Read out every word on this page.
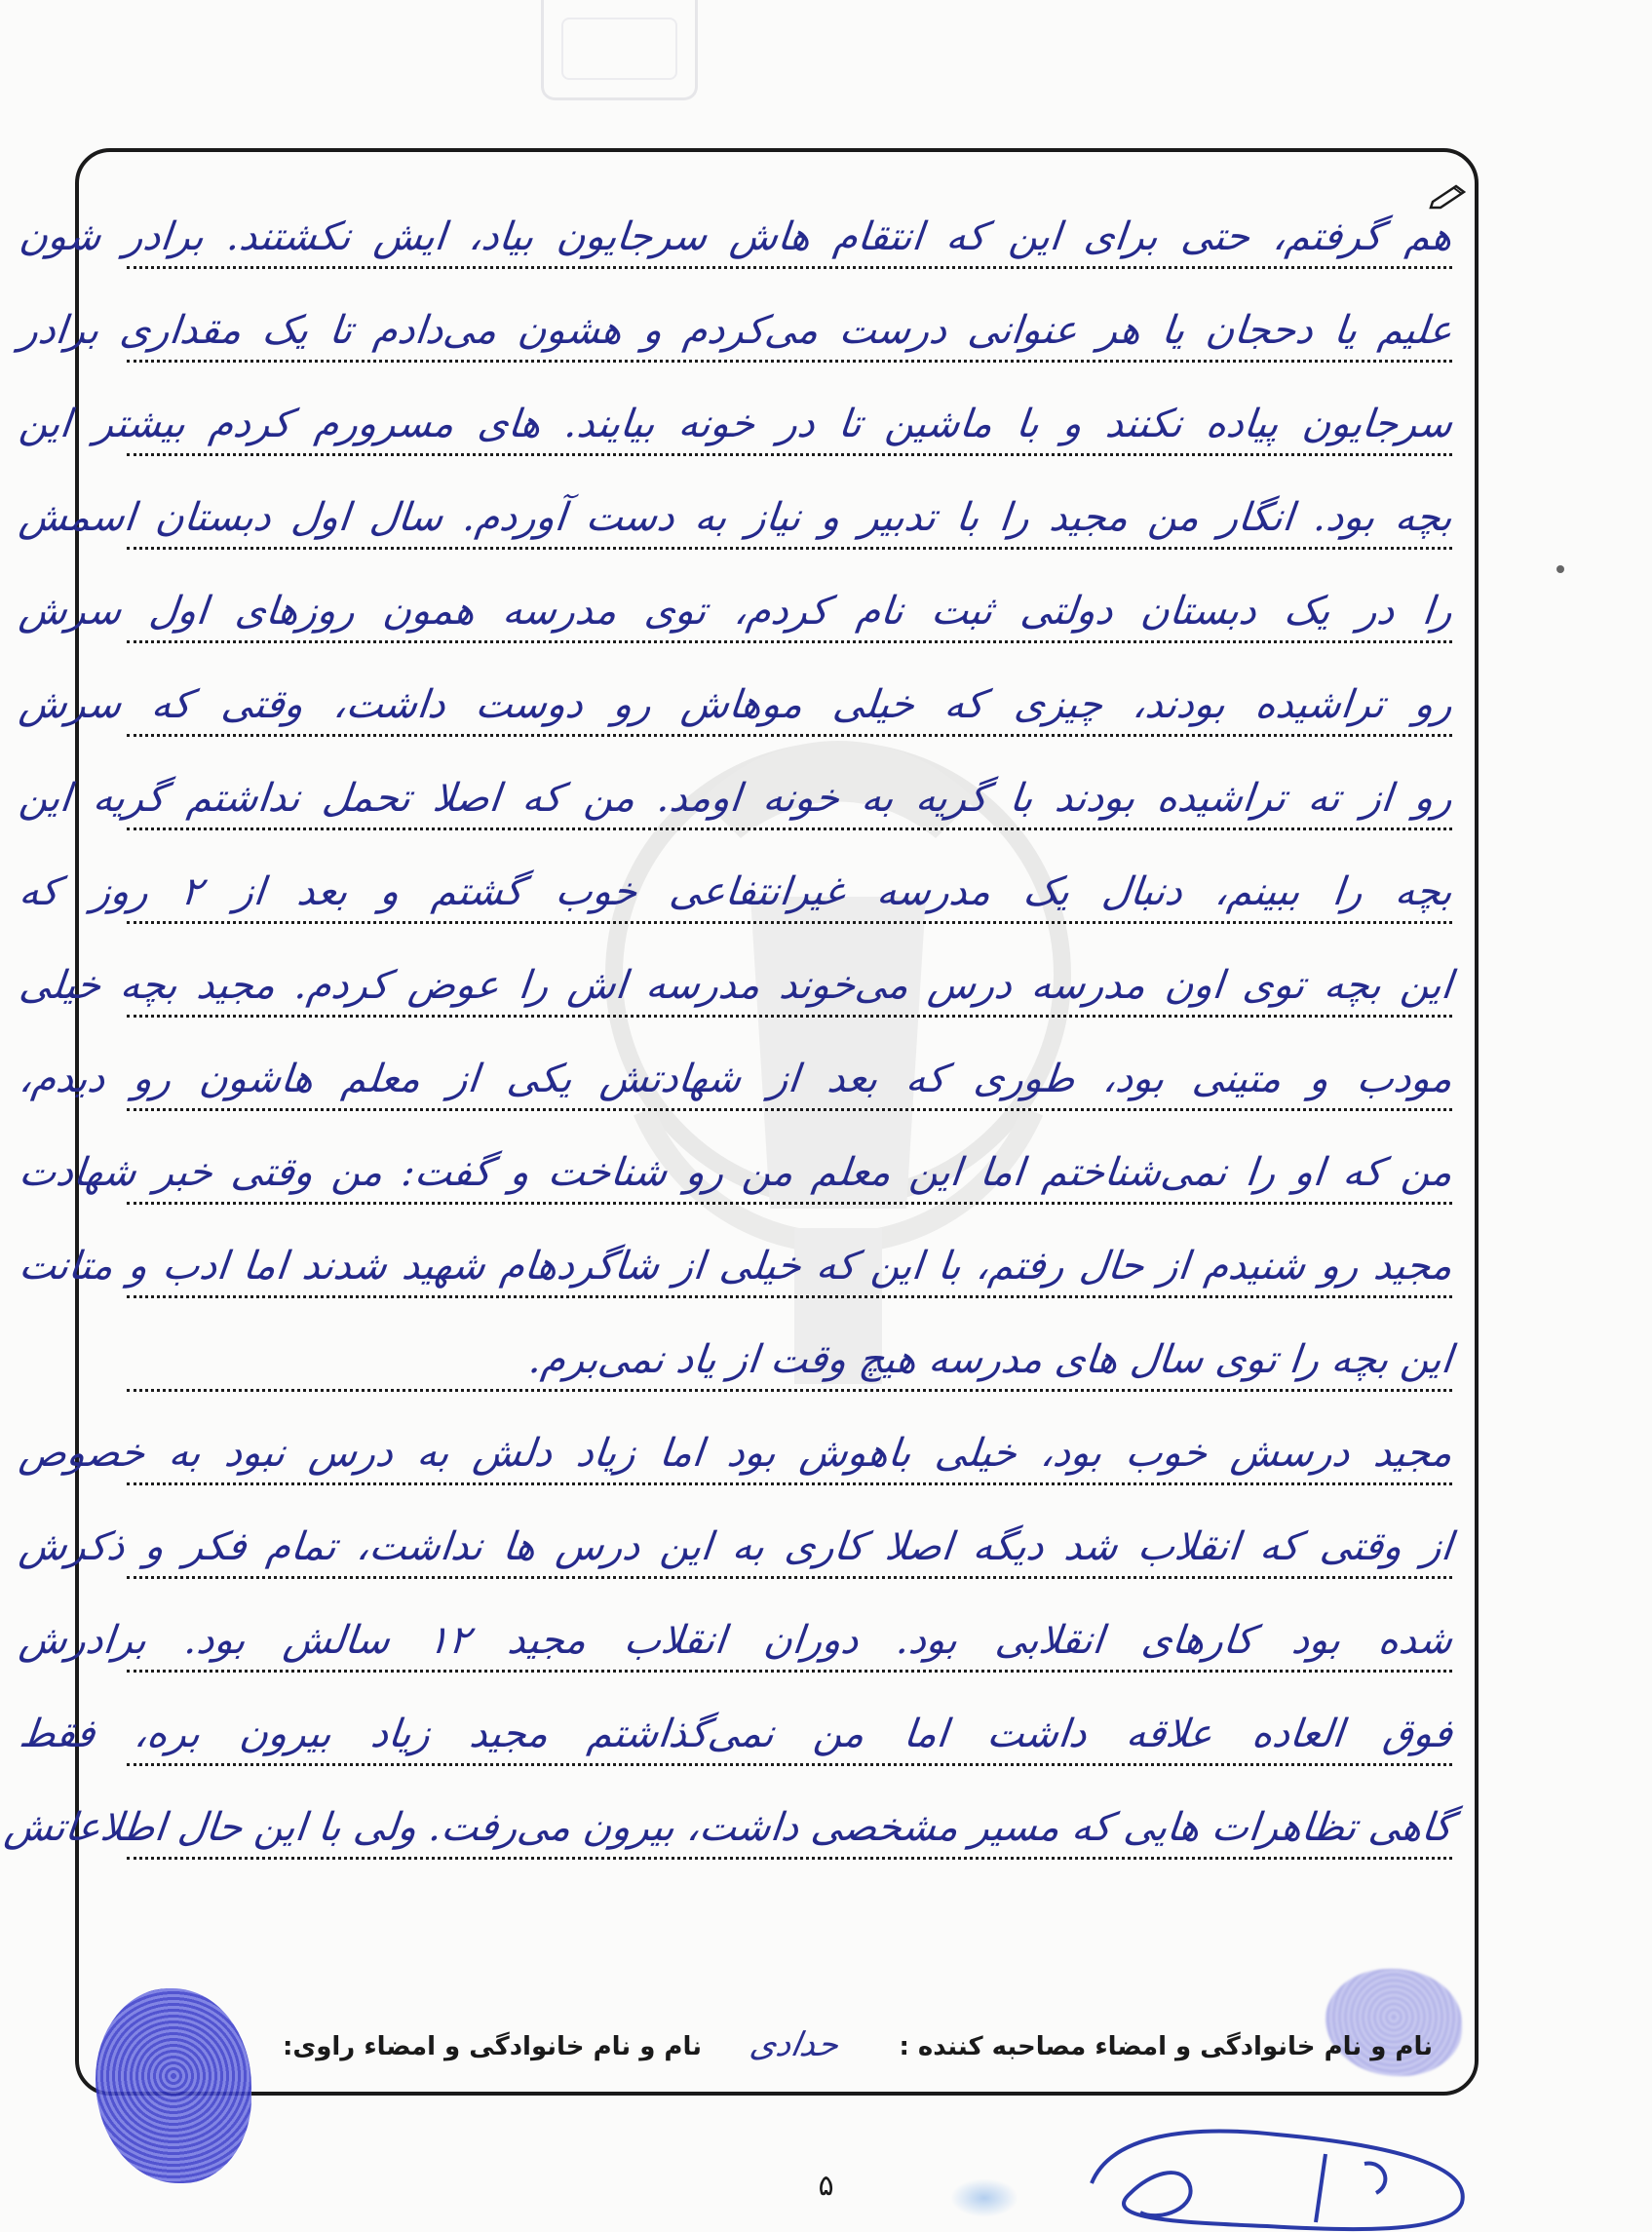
هم گرفتم، حتی برای این که انتقام هاش سرجایون بیاد، ایش نکشتند. برادر شون
علیم یا دحجان یا هر عنوانی درست می‌کردم و هشون می‌دادم تا یک مقداری برادر
سرجایون پیاده نکنند و با ماشین تا در خونه بیایند. های مسرورم کردم بیشتر این
بچه بود. انگار من مجید را با تدبیر و نیاز به دست آوردم. سال اول دبستان اسمش
را در یک دبستان دولتی ثبت نام کردم، توی مدرسه همون روزهای اول سرش
رو تراشیده بودند، چیزی که خیلی موهاش رو دوست داشت، وقتی که سرش
رو از ته تراشیده بودند با گریه به خونه اومد. من که اصلا تحمل نداشتم گریه این
بچه را ببینم، دنبال یک مدرسه غیرانتفاعی خوب گشتم و بعد از ۲ روز که
این بچه توی اون مدرسه درس می‌خوند مدرسه اش را عوض کردم. مجید بچه خیلی
مودب و متینی بود، طوری که بعد از شهادتش یکی از معلم هاشون رو دیدم،
من که او را نمی‌شناختم اما این معلم من رو شناخت و گفت: من وقتی خبر شهادت
مجید رو شنیدم از حال رفتم، با این که خیلی از شاگردهام شهید شدند اما ادب و متانت
این بچه را توی سال های مدرسه هیچ وقت از یاد نمی‌برم.
مجید درسش خوب بود، خیلی باهوش بود اما زیاد دلش به درس نبود به خصوص
از وقتی که انقلاب شد دیگه اصلا کاری به این درس ها نداشت، تمام فکر و ذکرش
شده بود کارهای انقلابی بود. دوران انقلاب مجید ۱۲ سالش بود. برادرش
فوق العاده علاقه داشت اما من نمی‌گذاشتم مجید زیاد بیرون بره، فقط
گاهی تظاهرات هایی که مسیر مشخصی داشت، بیرون می‌رفت. ولی با این حال اطلاعاتش
نام و نام خانوادگی و امضاء مصاحبه کننده :
نام و نام خانوادگی و امضاء راوی: حدادی
۵
